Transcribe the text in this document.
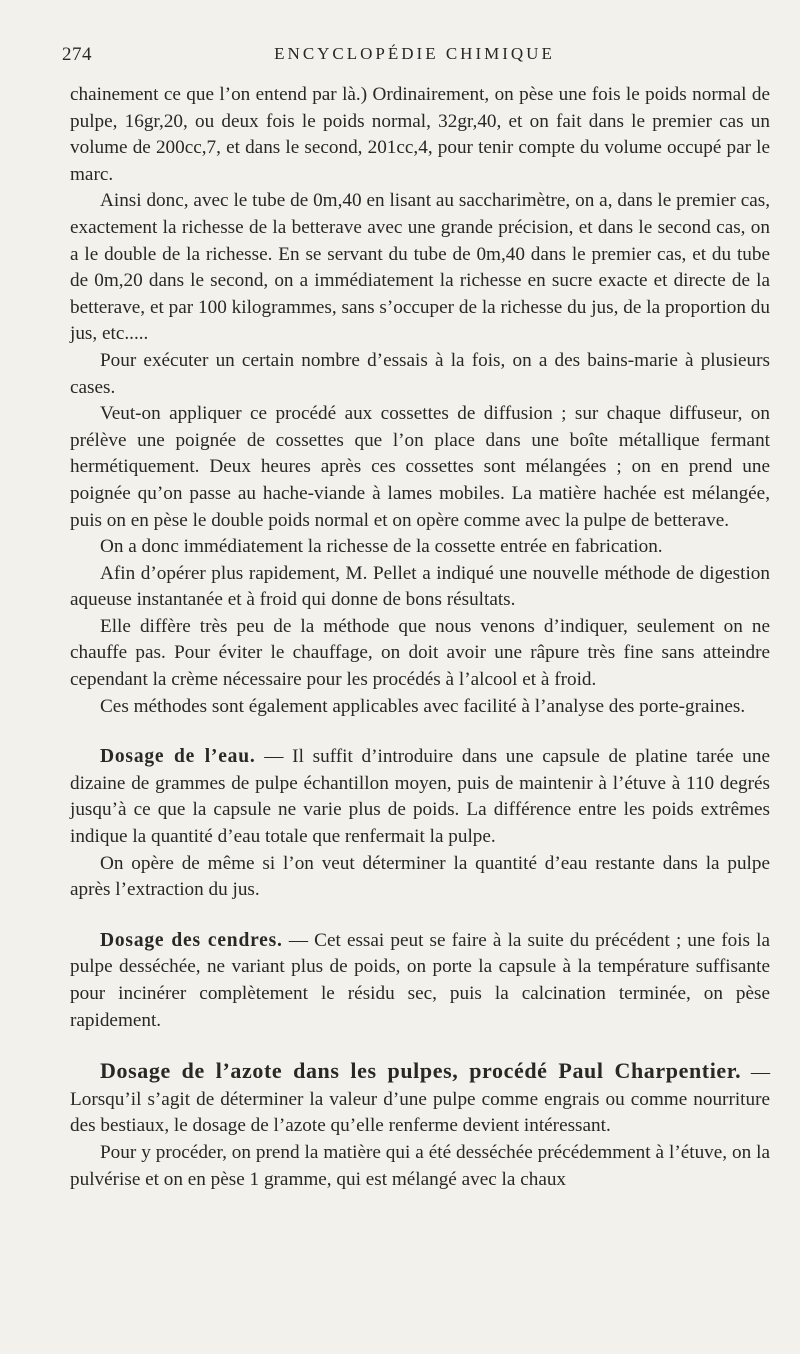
274	ENCYCLOPÉDIE CHIMIQUE

chainement ce que l’on entend par là.) Ordinairement, on pèse une fois le poids normal de pulpe, 16gr,20, ou deux fois le poids normal, 32gr,40, et on fait dans le premier cas un volume de 200cc,7, et dans le second, 201cc,4, pour tenir compte du volume occupé par le marc.

Ainsi donc, avec le tube de 0m,40 en lisant au saccharimètre, on a, dans le premier cas, exactement la richesse de la betterave avec une grande précision, et dans le second cas, on a le double de la richesse. En se servant du tube de 0m,40 dans le premier cas, et du tube de 0m,20 dans le second, on a immédiatement la richesse en sucre exacte et directe de la betterave, et par 100 kilogrammes, sans s’occuper de la richesse du jus, de la proportion du jus, etc.....

Pour exécuter un certain nombre d’essais à la fois, on a des bains-marie à plusieurs cases.

Veut-on appliquer ce procédé aux cossettes de diffusion ; sur chaque diffuseur, on prélève une poignée de cossettes que l’on place dans une boîte métallique fermant hermétiquement. Deux heures après ces cossettes sont mélangées ; on en prend une poignée qu’on passe au hache-viande à lames mobiles. La matière hachée est mélangée, puis on en pèse le double poids normal et on opère comme avec la pulpe de betterave.

On a donc immédiatement la richesse de la cossette entrée en fabrication.

Afin d’opérer plus rapidement, M. Pellet a indiqué une nouvelle méthode de digestion aqueuse instantanée et à froid qui donne de bons résultats.

Elle diffère très peu de la méthode que nous venons d’indiquer, seulement on ne chauffe pas. Pour éviter le chauffage, on doit avoir une râpure très fine sans atteindre cependant la crème nécessaire pour les procédés à l’alcool et à froid.

Ces méthodes sont également applicables avec facilité à l’analyse des porte-graines.

Dosage de l’eau. — Il suffit d’introduire dans une capsule de platine tarée une dizaine de grammes de pulpe échantillon moyen, puis de maintenir à l’étuve à 110 degrés jusqu’à ce que la capsule ne varie plus de poids. La différence entre les poids extrêmes indique la quantité d’eau totale que renfermait la pulpe.

On opère de même si l’on veut déterminer la quantité d’eau restante dans la pulpe après l’extraction du jus.

Dosage des cendres. — Cet essai peut se faire à la suite du précédent ; une fois la pulpe desséchée, ne variant plus de poids, on porte la capsule à la température suffisante pour incinérer complètement le résidu sec, puis la calcination terminée, on pèse rapidement.

Dosage de l’azote dans les pulpes, procédé Paul Charpentier. — Lorsqu’il s’agit de déterminer la valeur d’une pulpe comme engrais ou comme nourriture des bestiaux, le dosage de l’azote qu’elle renferme devient intéressant.

Pour y procéder, on prend la matière qui a été desséchée précédemment à l’étuve, on la pulvérise et on en pèse 1 gramme, qui est mélangé avec la chaux
